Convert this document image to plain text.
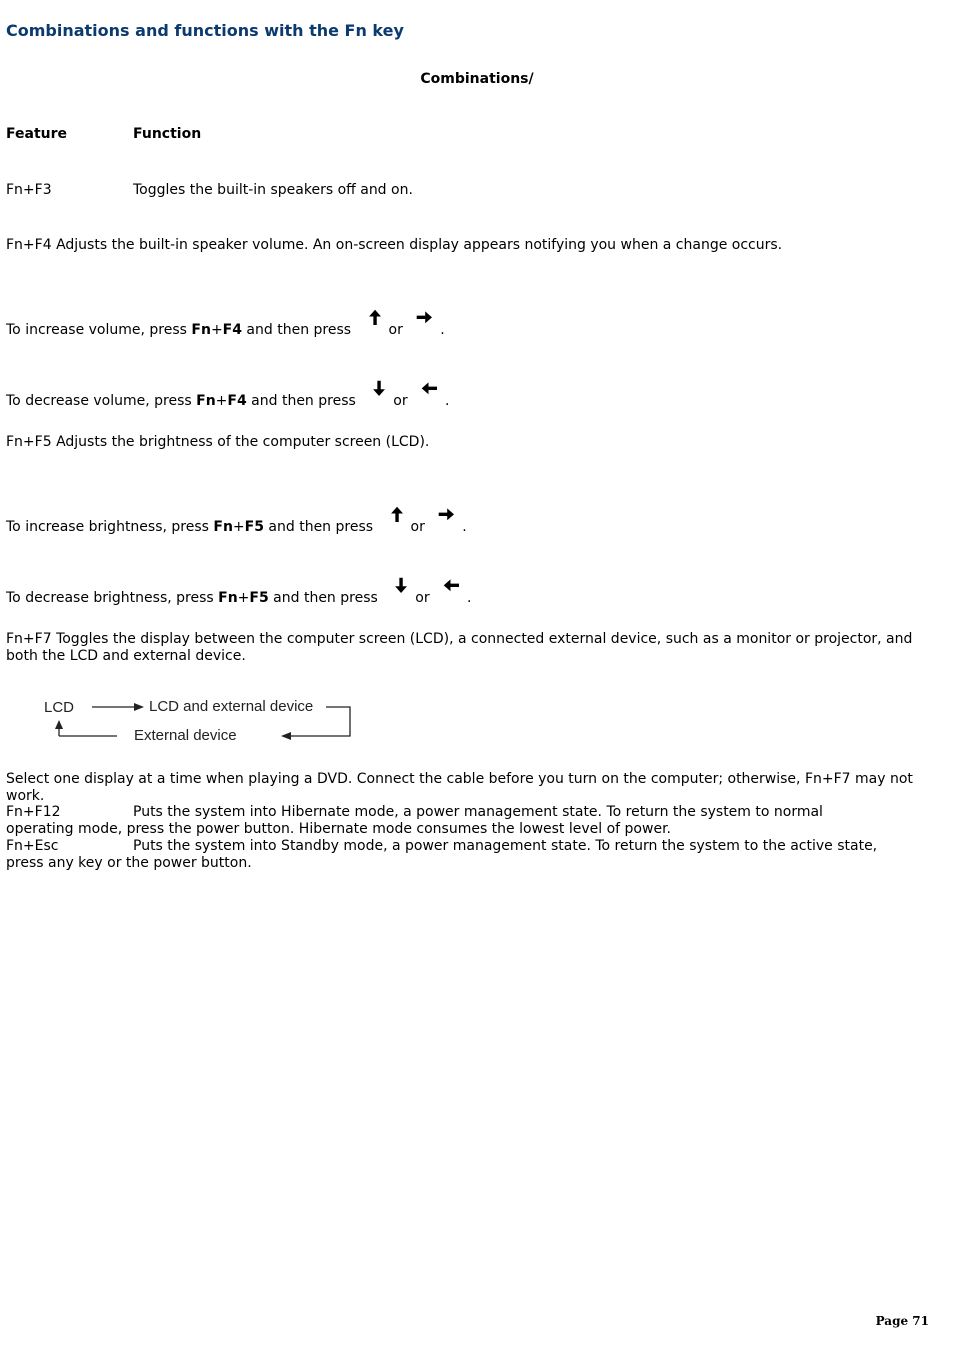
Combinations and functions with the Fn key
Combinations/
Feature	Function
Fn+F3	Toggles the built-in speakers off and on.
Fn+F4 Adjusts the built-in speaker volume. An on-screen display appears notifying you when a change occurs.
To increase volume, press Fn+F4 and then press	or	.
To decrease volume, press Fn+F4 and then press	or	.
Fn+F5 Adjusts the brightness of the computer screen (LCD).
To increase brightness, press Fn+F5 and then press	or	.
To decrease brightness, press Fn+F5 and then press	or	.
Fn+F7 Toggles the display between the computer screen (LCD), a connected external device, such as a monitor or projector, and both the LCD and external device.
LCD	LCD and external device
External device
Select one display at a time when playing a DVD. Connect the cable before you turn on the computer; otherwise, Fn+F7 may not work.
Fn+F12	Puts the system into Hibernate mode, a power management state. To return the system to normal
operating mode, press the power button. Hibernate mode consumes the lowest level of power.
Fn+Esc	Puts the system into Standby mode, a power management state. To return the system to the active state,
press any key or the power button.
Page 71
